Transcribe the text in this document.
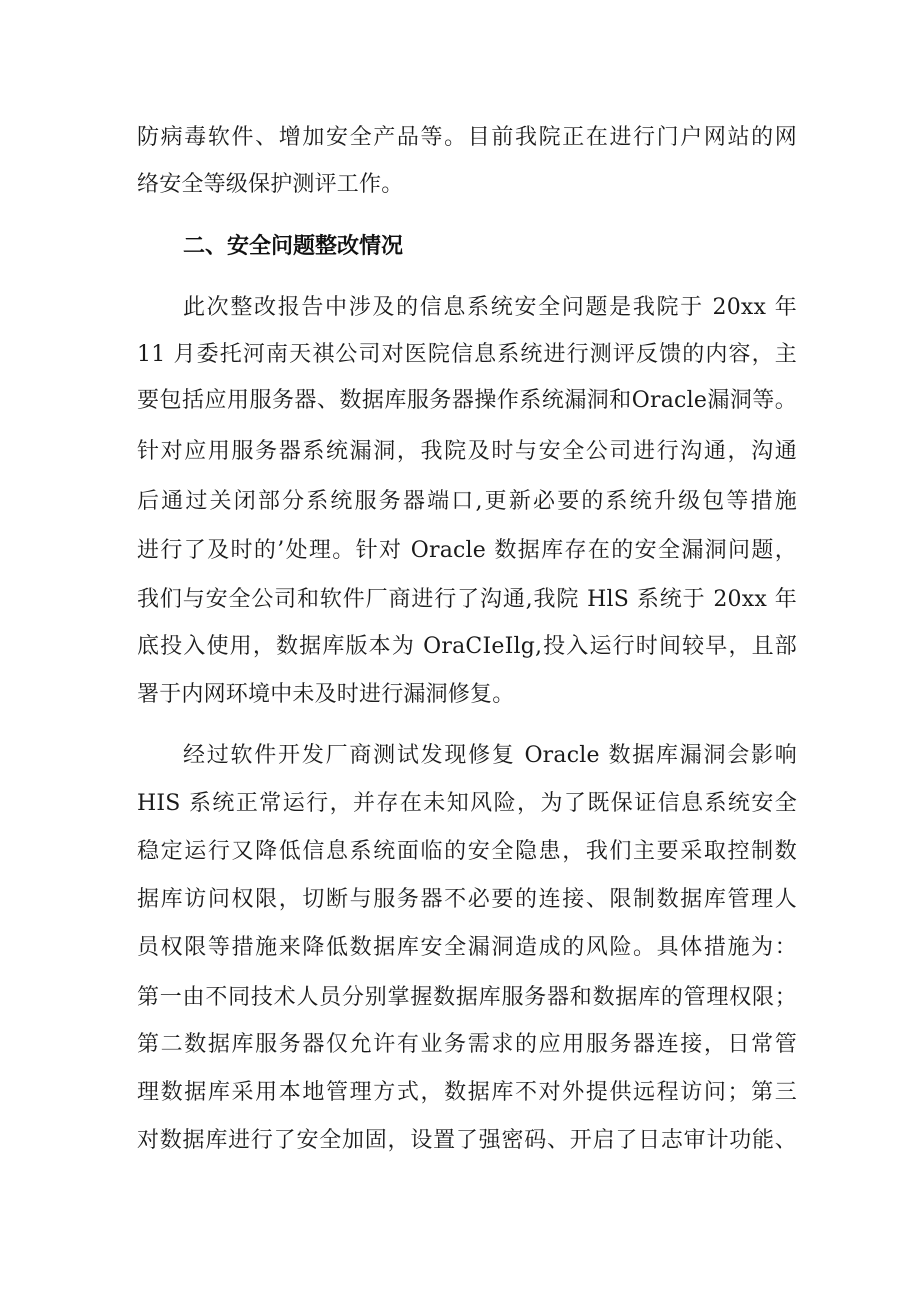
防病毒软件、增加安全产品等。目前我院正在进行门户网站的网
络安全等级保护测评工作。
二、安全问题整改情况
此次整改报告中涉及的信息系统安全问题是我院于 20xx 年
11 月委托河南天祺公司对医院信息系统进行测评反馈的内容，主
要包括应用服务器、数据库服务器操作系统漏洞和Oracle漏洞等。
针对应用服务器系统漏洞，我院及时与安全公司进行沟通，沟通
后通过关闭部分系统服务器端口,更新必要的系统升级包等措施
进行了及时的’处理。针对 Oracle 数据库存在的安全漏洞问题，
我们与安全公司和软件厂商进行了沟通,我院 HlS 系统于 20xx 年
底投入使用，数据库版本为 OraCIeIlg,投入运行时间较早，且部
署于内网环境中未及时进行漏洞修复。
经过软件开发厂商测试发现修复 Oracle 数据库漏洞会影响
HIS 系统正常运行，并存在未知风险，为了既保证信息系统安全
稳定运行又降低信息系统面临的安全隐患，我们主要采取控制数
据库访问权限，切断与服务器不必要的连接、限制数据库管理人
员权限等措施来降低数据库安全漏洞造成的风险。具体措施为：
第一由不同技术人员分别掌握数据库服务器和数据库的管理权限；
第二数据库服务器仅允许有业务需求的应用服务器连接，日常管
理数据库采用本地管理方式，数据库不对外提供远程访问；第三
对数据库进行了安全加固，设置了强密码、开启了日志审计功能、
